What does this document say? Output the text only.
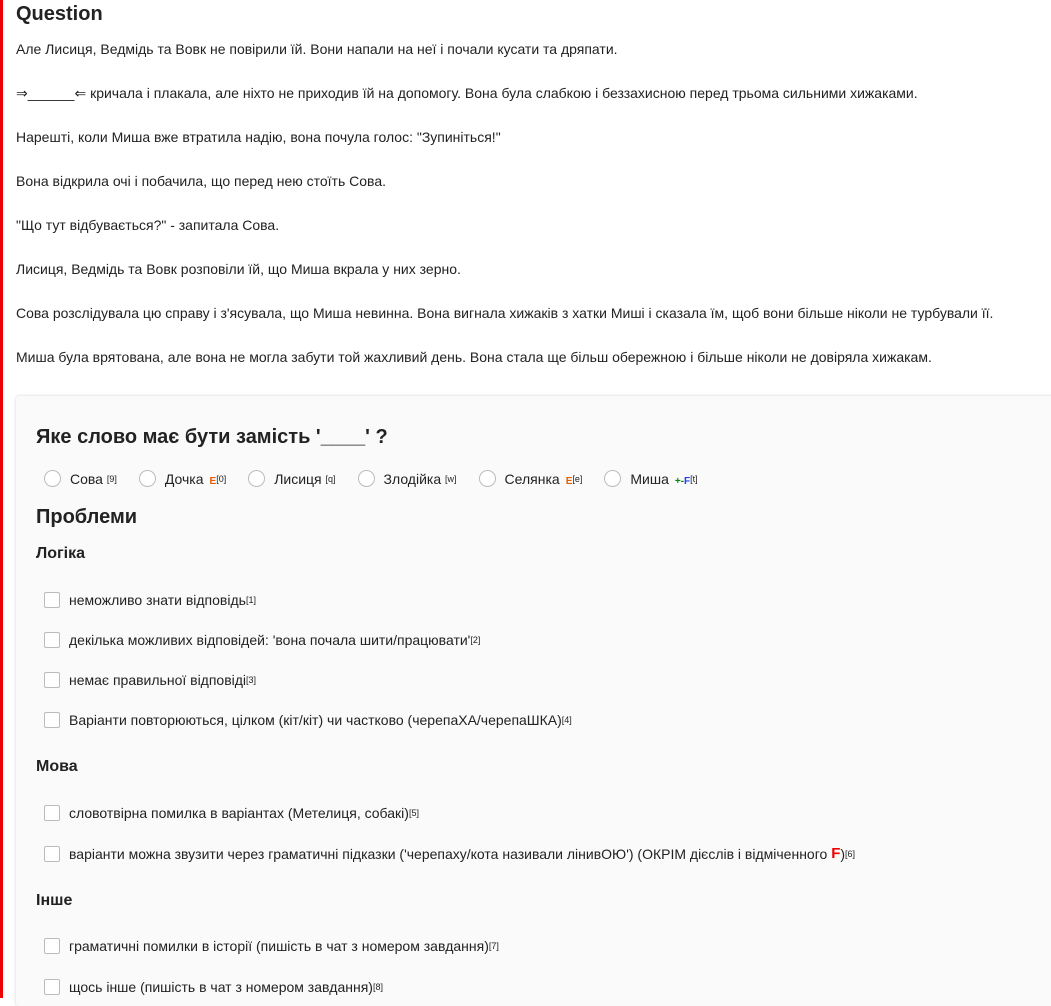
Question

Але Лисиця, Ведмідь та Вовк не повірили їй. Вони напали на неї і почали кусати та дряпати.

⇒______⇐ кричала і плакала, але ніхто не приходив їй на допомогу. Вона була слабкою і беззахисною перед трьома сильними хижаками.

Нарешті, коли Миша вже втратила надію, вона почула голос: "Зупиніться!"

Вона відкрила очі і побачила, що перед нею стоїть Сова.

"Що тут відбувається?" - запитала Сова.

Лисиця, Ведмідь та Вовк розповіли їй, що Миша вкрала у них зерно.

Сова розслідувала цю справу і з'ясувала, що Миша невинна. Вона вигнала хижаків з хатки Миші і сказала їм, щоб вони більше ніколи не турбували її.

Миша була врятована, але вона не могла забути той жахливий день. Вона стала ще більш обережною і більше ніколи не довіряла хижакам.

Яке слово має бути замість '____' ?

Сова
[9]	Дочка E[0]	Лисиця
[q]	Злодійка
[w]	Селянка E[e]	Миша +-F[t]
Проблеми
Логіка
неможливо знати відповідь [1]
декілька можливих відповідей: 'вона почала шити/працювати' [2]
немає правильної відповіді [3]
Варіанти повторюються, цілком (кіт/кіт) чи частково (черепаХА/черепаШКА) [4]
Мова
словотвірна помилка в варіантах (Метелиця, собакі) [5]
варіанти можна звузити через граматичні підказки ('черепаху/кота називали лінивОЮ') (ОКРІМ дієслів і відміченного F ) [6]
Інше
граматичні помилки в історії (пишість в чат з номером завдання) [7]
щось інше (пишість в чат з номером завдання) [8]
